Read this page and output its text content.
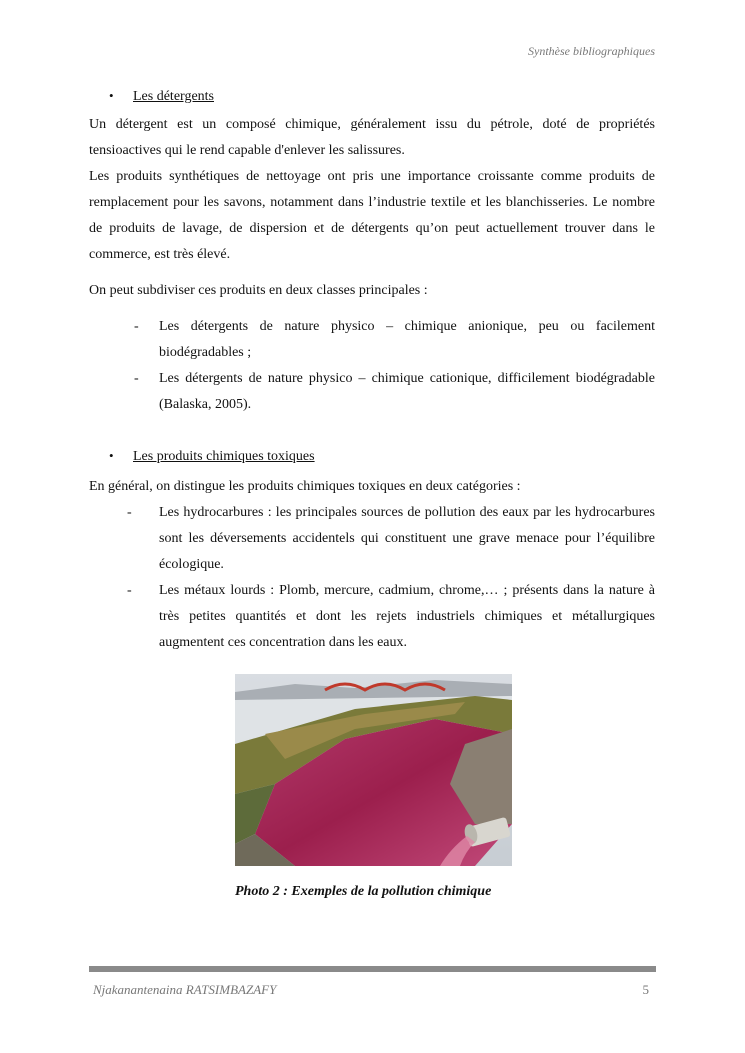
Synthèse bibliographiques
•	Les détergents

Un détergent est un composé chimique, généralement issu du pétrole, doté de propriétés tensioactives qui le rend capable d'enlever les salissures.

Les produits synthétiques de nettoyage ont pris une importance croissante comme produits de remplacement pour les savons, notamment dans l’industrie textile et les blanchisseries. Le nombre de produits de lavage, de dispersion et de détergents qu’on peut actuellement trouver dans le commerce, est très élevé.

On peut subdiviser ces produits en deux classes principales :

-	Les détergents de nature physico – chimique anionique, peu ou facilement biodégradables ;
-	Les détergents de nature physico – chimique cationique, difficilement biodégradable (Balaska, 2005).
•	Les produits chimiques toxiques

En général, on distingue les produits chimiques toxiques en deux catégories :

-	Les hydrocarbures : les principales sources de pollution des eaux par les hydrocarbures sont les déversements accidentels qui constituent une grave menace pour l’équilibre écologique.
-	Les métaux lourds : Plomb, mercure, cadmium, chrome,… ; présents dans la nature à très petites quantités et dont les rejets industriels chimiques et métallurgiques augmentent ces concentration dans les eaux.
Photo 2 : Exemples de la pollution chimique
Njakanantenaina RATSIMBAZAFY	5
